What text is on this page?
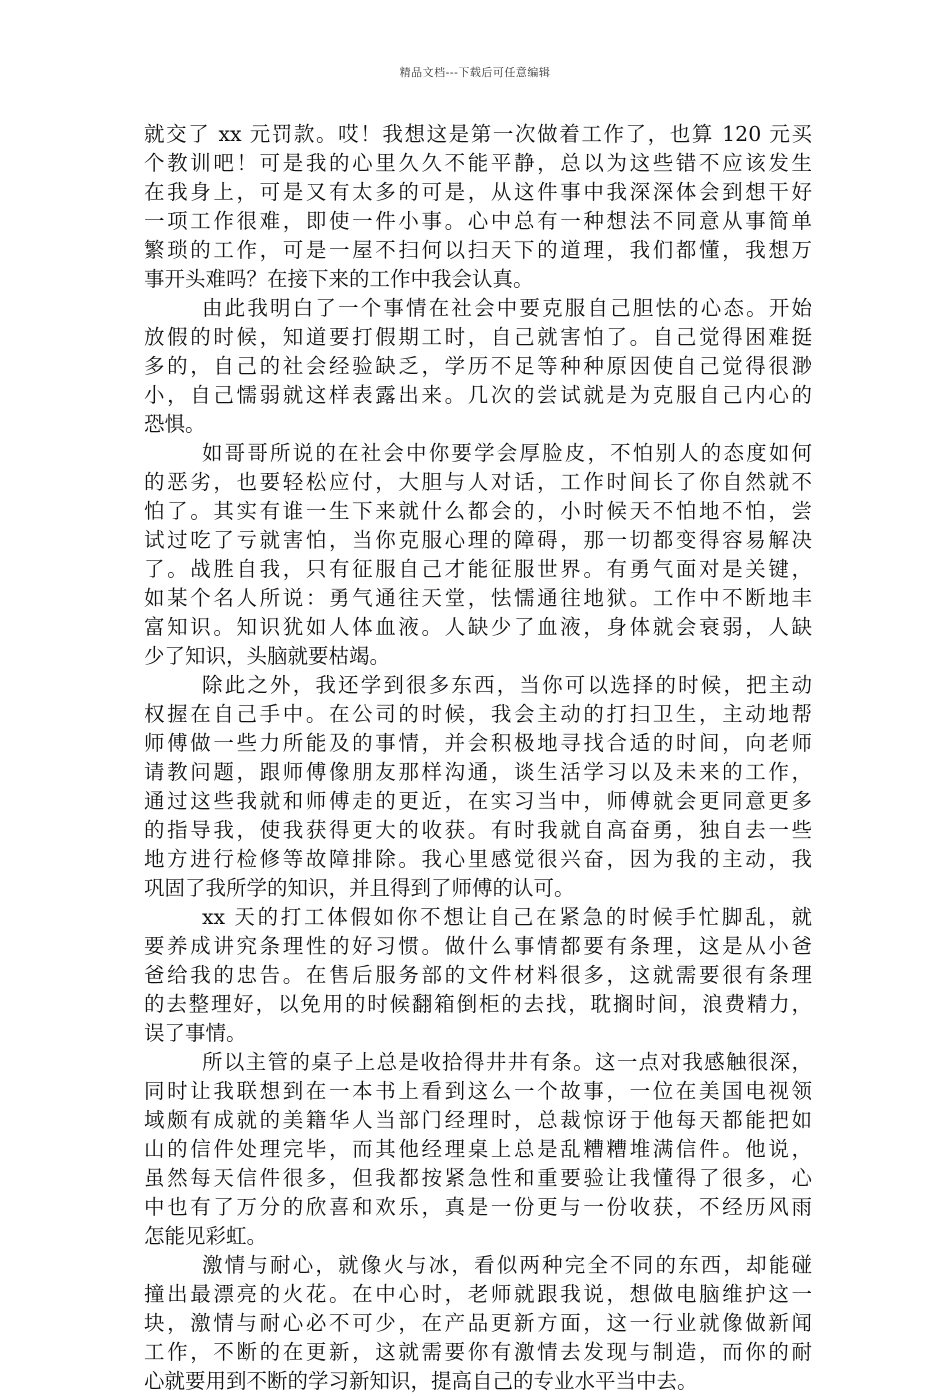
精品文档---下载后可任意编辑
就交了 xx 元罚款。哎！我想这是第一次做着工作了，也算 120 元买
个教训吧！可是我的心里久久不能平静，总以为这些错不应该发生
在我身上，可是又有太多的可是，从这件事中我深深体会到想干好
一项工作很难，即使一件小事。心中总有一种想法不同意从事简单
繁琐的工作，可是一屋不扫何以扫天下的道理，我们都懂，我想万
事开头难吗？在接下来的工作中我会认真。
由此我明白了一个事情在社会中要克服自己胆怯的心态。开始
放假的时候，知道要打假期工时，自己就害怕了。自己觉得困难挺
多的，自己的社会经验缺乏，学历不足等种种原因使自己觉得很渺
小，自己懦弱就这样表露出来。几次的尝试就是为克服自己内心的
恐惧。
如哥哥所说的在社会中你要学会厚脸皮，不怕别人的态度如何
的恶劣，也要轻松应付，大胆与人对话，工作时间长了你自然就不
怕了。其实有谁一生下来就什么都会的，小时候天不怕地不怕，尝
试过吃了亏就害怕，当你克服心理的障碍，那一切都变得容易解决
了。战胜自我，只有征服自己才能征服世界。有勇气面对是关键，
如某个名人所说：勇气通往天堂，怯懦通往地狱。工作中不断地丰
富知识。知识犹如人体血液。人缺少了血液，身体就会衰弱，人缺
少了知识，头脑就要枯竭。
除此之外，我还学到很多东西，当你可以选择的时候，把主动
权握在自己手中。在公司的时候，我会主动的打扫卫生，主动地帮
师傅做一些力所能及的事情，并会积极地寻找合适的时间，向老师
请教问题，跟师傅像朋友那样沟通，谈生活学习以及未来的工作，
通过这些我就和师傅走的更近，在实习当中，师傅就会更同意更多
的指导我，使我获得更大的收获。有时我就自高奋勇，独自去一些
地方进行检修等故障排除。我心里感觉很兴奋，因为我的主动，我
巩固了我所学的知识，并且得到了师傅的认可。
xx 天的打工体假如你不想让自己在紧急的时候手忙脚乱，就
要养成讲究条理性的好习惯。做什么事情都要有条理，这是从小爸
爸给我的忠告。在售后服务部的文件材料很多，这就需要很有条理
的去整理好，以免用的时候翻箱倒柜的去找，耽搁时间，浪费精力，
误了事情。
所以主管的桌子上总是收拾得井井有条。这一点对我感触很深，
同时让我联想到在一本书上看到这么一个故事，一位在美国电视领
域颇有成就的美籍华人当部门经理时，总裁惊讶于他每天都能把如
山的信件处理完毕，而其他经理桌上总是乱糟糟堆满信件。他说，
虽然每天信件很多，但我都按紧急性和重要验让我懂得了很多，心
中也有了万分的欣喜和欢乐，真是一份更与一份收获，不经历风雨
怎能见彩虹。
激情与耐心，就像火与冰，看似两种完全不同的东西，却能碰
撞出最漂亮的火花。在中心时，老师就跟我说，想做电脑维护这一
块，激情与耐心必不可少，在产品更新方面，这一行业就像做新闻
工作，不断的在更新，这就需要你有激情去发现与制造，而你的耐
心就要用到不断的学习新知识，提高自己的专业水平当中去。
